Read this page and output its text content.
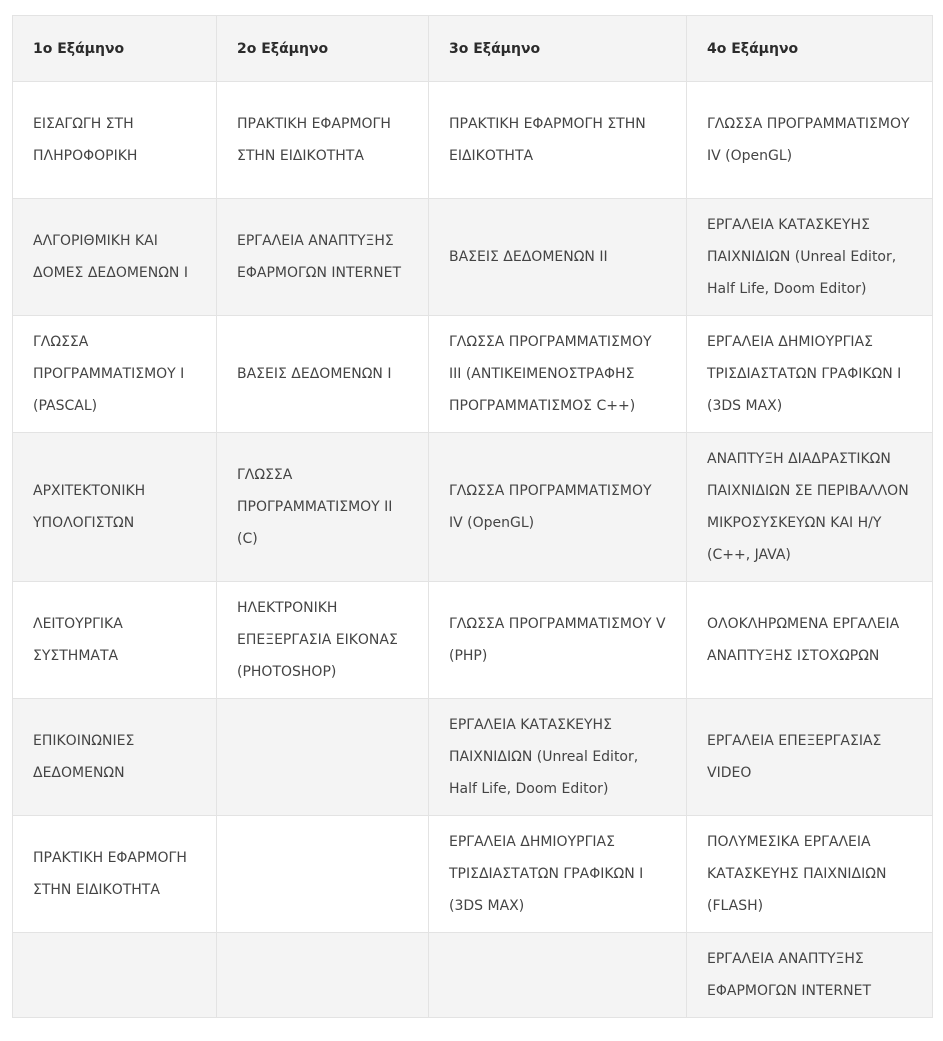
1ο Εξάμηνο	2ο Εξάμηνο	3ο Εξάμηνο	4ο Εξάμηνο
ΕΙΣΑΓΩΓΗ ΣΤΗ ΠΛΗΡΟΦΟΡΙΚΗ	ΠΡΑΚΤΙΚΗ ΕΦΑΡΜΟΓΗ ΣΤΗΝ ΕΙΔΙΚΟΤΗΤΑ	ΠΡΑΚΤΙΚΗ ΕΦΑΡΜΟΓΗ ΣΤΗΝ ΕΙΔΙΚΟΤΗΤΑ	ΓΛΩΣΣΑ ΠΡΟΓΡΑΜΜΑΤΙΣΜΟΥ IV (OpenGL)
ΑΛΓΟΡΙΘΜΙΚΗ ΚΑΙ ΔΟΜΕΣ ΔΕΔΟΜΕΝΩΝ I	ΕΡΓΑΛΕΙΑ ΑΝΑΠΤΥΞΗΣ ΕΦΑΡΜΟΓΩΝ INTERNET	ΒΑΣΕΙΣ ΔΕΔΟΜΕΝΩΝ II	ΕΡΓΑΛΕΙΑ ΚΑΤΑΣΚΕΥΗΣ ΠΑΙΧΝΙΔΙΩΝ (Unreal Editor, Half Life, Doom Editor)
ΓΛΩΣΣΑ ΠΡΟΓΡΑΜΜΑΤΙΣΜΟΥ I (PASCAL)	ΒΑΣΕΙΣ ΔΕΔΟΜΕΝΩΝ I	ΓΛΩΣΣΑ ΠΡΟΓΡΑΜΜΑΤΙΣΜΟΥ III (ΑΝΤΙΚΕΙΜΕΝΟΣΤΡΑΦΗΣ ΠΡΟΓΡΑΜΜΑΤΙΣΜΟΣ C++)	ΕΡΓΑΛΕΙΑ ΔΗΜΙΟΥΡΓΙΑΣ ΤΡΙΣΔΙΑΣΤΑΤΩΝ ΓΡΑΦΙΚΩΝ I (3DS MAX)
ΑΡΧΙΤΕΚΤΟΝΙΚΗ ΥΠΟΛΟΓΙΣΤΩΝ	ΓΛΩΣΣΑ ΠΡΟΓΡΑΜΜΑΤΙΣΜΟΥ II (C)	ΓΛΩΣΣΑ ΠΡΟΓΡΑΜΜΑΤΙΣΜΟΥ IV (OpenGL)	ΑΝΑΠΤΥΞΗ ΔΙΑΔΡΑΣΤΙΚΩΝ ΠΑΙΧΝΙΔΙΩΝ ΣΕ ΠΕΡΙΒΑΛΛΟΝ ΜΙΚΡΟΣΥΣΚΕΥΩΝ ΚΑΙ Η/Υ (C++, JAVA)
ΛΕΙΤΟΥΡΓΙΚΑ ΣΥΣΤΗΜΑΤΑ	ΗΛΕΚΤΡΟΝΙΚΗ ΕΠΕΞΕΡΓΑΣΙΑ ΕΙΚΟΝΑΣ (PHOTOSHOP)	ΓΛΩΣΣΑ ΠΡΟΓΡΑΜΜΑΤΙΣΜΟΥ V (PHP)	ΟΛΟΚΛΗΡΩΜΕΝΑ ΕΡΓΑΛΕΙΑ ΑΝΑΠΤΥΞΗΣ ΙΣΤΟΧΩΡΩΝ
ΕΠΙΚΟΙΝΩΝΙΕΣ ΔΕΔΟΜΕΝΩΝ		ΕΡΓΑΛΕΙΑ ΚΑΤΑΣΚΕΥΗΣ ΠΑΙΧΝΙΔΙΩΝ (Unreal Editor, Half Life, Doom Editor)	ΕΡΓΑΛΕΙΑ ΕΠΕΞΕΡΓΑΣΙΑΣ VIDEO
ΠΡΑΚΤΙΚΗ ΕΦΑΡΜΟΓΗ ΣΤΗΝ ΕΙΔΙΚΟΤΗΤΑ		ΕΡΓΑΛΕΙΑ ΔΗΜΙΟΥΡΓΙΑΣ ΤΡΙΣΔΙΑΣΤΑΤΩΝ ΓΡΑΦΙΚΩΝ I (3DS MAX)	ΠΟΛΥΜΕΣΙΚΑ ΕΡΓΑΛΕΙΑ ΚΑΤΑΣΚΕΥΗΣ ΠΑΙΧΝΙΔΙΩΝ (FLASH)
			ΕΡΓΑΛΕΙΑ ΑΝΑΠΤΥΞΗΣ ΕΦΑΡΜΟΓΩΝ INTERNET
